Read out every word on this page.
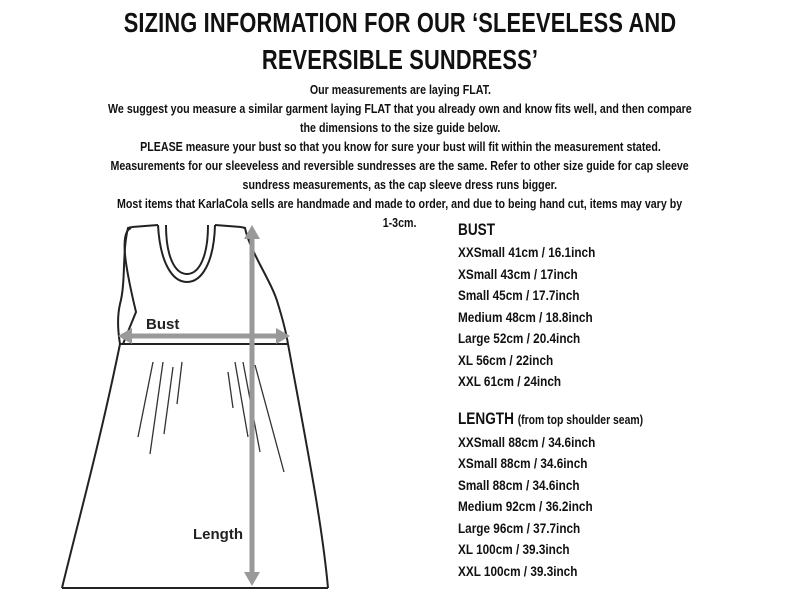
SIZING INFORMATION FOR OUR ‘SLEEVELESS AND
REVERSIBLE SUNDRESS’

Our measurements are laying FLAT.

We suggest you measure a similar garment laying FLAT that you already own and know fits well, and then compare

the dimensions to the size guide below.

PLEASE measure your bust so that you know for sure your bust will fit within the measurement stated.

Measurements for our sleeveless and reversible sundresses are the same. Refer to other size guide for cap sleeve

sundress measurements, as the cap sleeve dress runs bigger.

Most items that KarlaCola sells are handmade and made to order, and due to being hand cut, items may vary by

1-3cm.

Bust
Length

BUST

XXSmall 41cm / 16.1inch
XSmall 43cm / 17inch
Small 45cm / 17.7inch
Medium 48cm / 18.8inch
Large 52cm / 20.4inch
XL 56cm / 22inch
XXL 61cm / 24inch

LENGTH (from top shoulder seam)

XXSmall 88cm / 34.6inch
XSmall 88cm / 34.6inch
Small 88cm / 34.6inch
Medium 92cm / 36.2inch
Large 96cm / 37.7inch
XL 100cm / 39.3inch
XXL 100cm / 39.3inch
